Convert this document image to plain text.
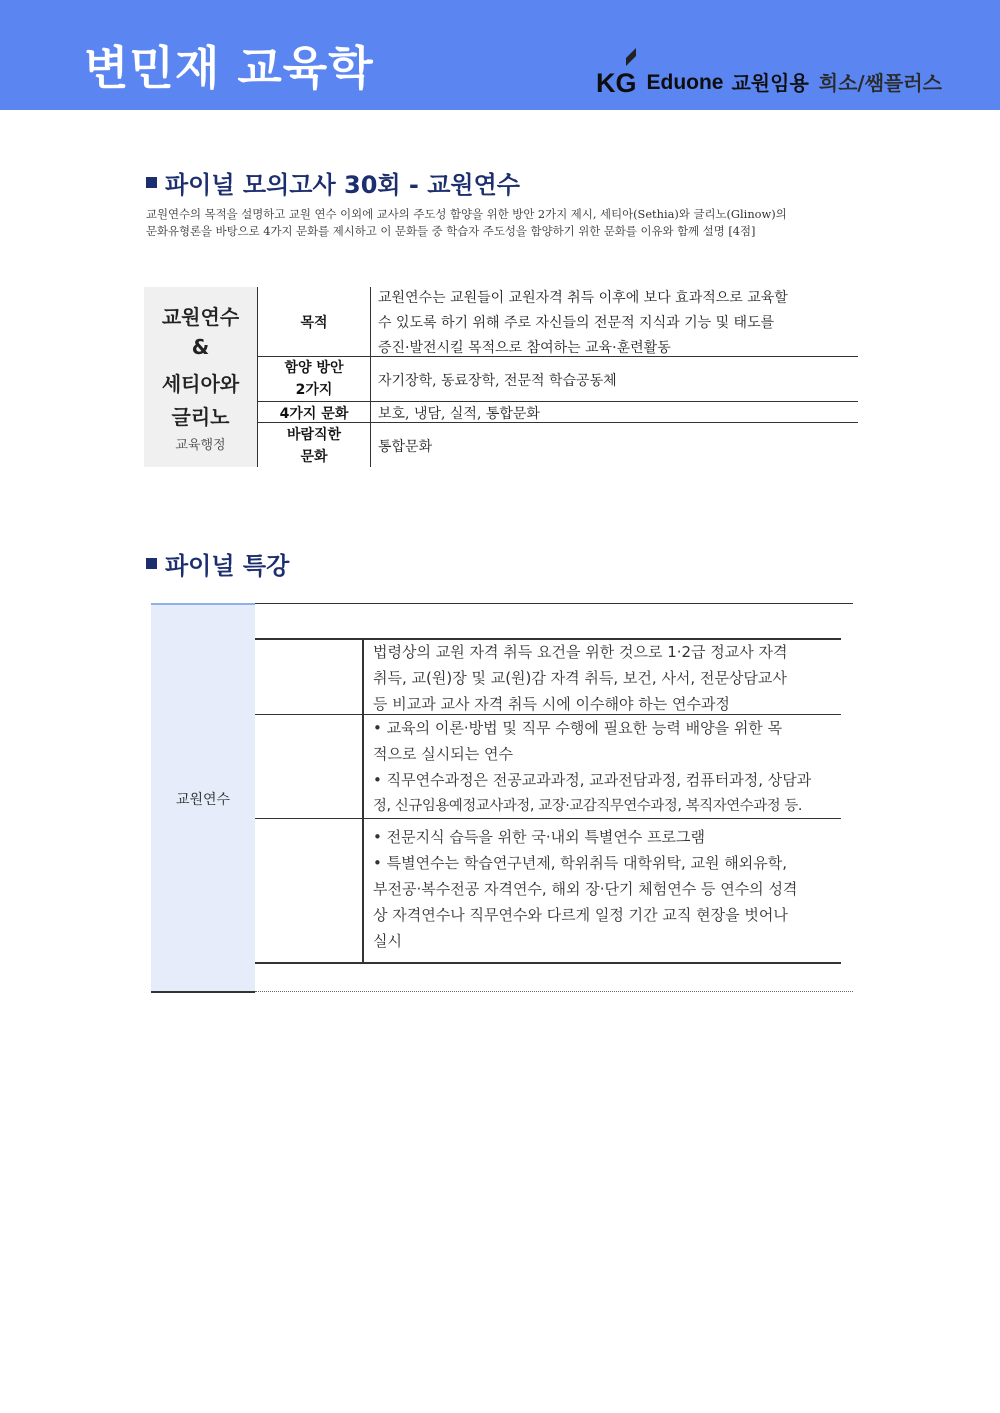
변민재 교육학	KG Eduone 교원임용 희소/쌤플러스
파이널 모의고사 30회 - 교원연수
교원연수의 목적을 설명하고 교원 연수 이외에 교사의 주도성 함양을 위한 방안 2가지 제시, 세티아(Sethia)와 글리노(Glinow)의
문화유형론을 바탕으로 4가지 문화를 제시하고 이 문화들 중 학습자 주도성을 함양하기 위한 문화를 이유와 함께 설명 [4점]
교원연수
&
세티아와
글리노
교육행정
목적
교원연수는 교원들이 교원자격 취득 이후에 보다 효과적으로 교육할
수 있도록 하기 위해 주로 자신들의 전문적 지식과 기능 및 태도를
증진·발전시킬 목적으로 참여하는 교육·훈련활동
함양 방안
2가지
자기장학, 동료장학, 전문적 학습공동체
4가지 문화	보호, 냉담, 실적, 통합문화
바람직한
문화
통합문화
파이널 특강
교원연수
법령상의 교원 자격 취득 요건을 위한 것으로 1·2급 정교사 자격
취득, 교(원)장 및 교(원)감 자격 취득, 보건, 사서, 전문상담교사
등 비교과 교사 자격 취득 시에 이수해야 하는 연수과정
• 교육의 이론·방법 및 직무 수행에 필요한 능력 배양을 위한 목
적으로 실시되는 연수
• 직무연수과정은 전공교과과정, 교과전담과정, 컴퓨터과정, 상담과
정, 신규임용예정교사과정, 교장·교감직무연수과정, 복직자연수과정 등.
• 전문지식 습득을 위한 국·내외 특별연수 프로그램
• 특별연수는 학습연구년제, 학위취득 대학위탁, 교원 해외유학,
부전공·복수전공 자격연수, 해외 장·단기 체험연수 등 연수의 성격
상 자격연수나 직무연수와 다르게 일정 기간 교직 현장을 벗어나
실시
